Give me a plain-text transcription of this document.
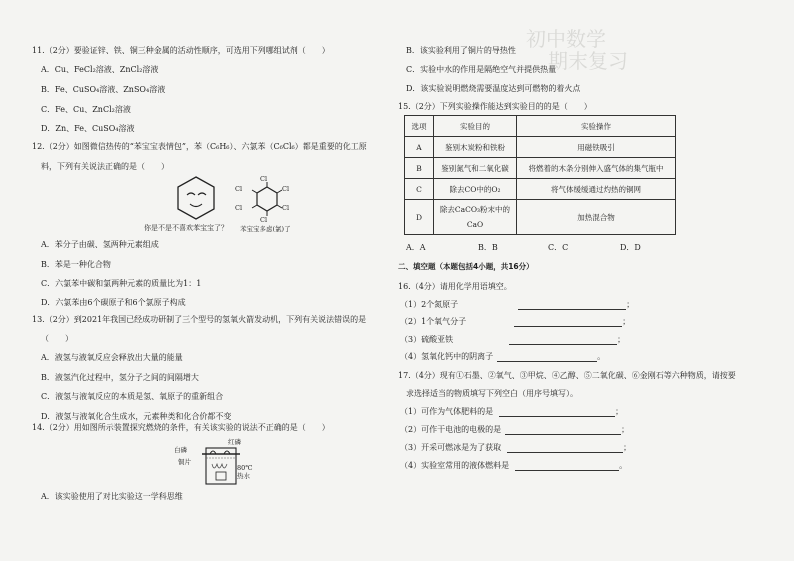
11.（2分）要验证锌、铁、铜三种金属的活动性顺序，可选用下列哪组试剂（　　）
A．Cu、FeCl₂溶液、ZnCl₂溶液
B．Fe、CuSO₄溶液、ZnSO₄溶液
C．Fe、Cu、ZnCl₂溶液
D．Zn、Fe、CuSO₄溶液
12.（2分）如图微信热传的“苯宝宝表情包”，苯（C₆H₆）、六氯苯（C₆Cl₆）都是重要的化工原
料，下列有关说法正确的是（　　）
Cl
Cl
Cl
Cl
Cl
Cl
你是不是不喜欢苯宝宝了？ 苯宝宝多虑(氯)了
A．苯分子由碳、氢两种元素组成
B．苯是一种化合物
C．六氯苯中碳和氯两种元素的质量比为1：1
D．六氯苯由6个碳原子和6个氯原子构成
13.（2分）到2021年我国已经成功研制了三个型号的氢氧火箭发动机，下列有关说法错误的是
（　　）
A．液氢与液氧反应会释放出大量的能量
B．液氢汽化过程中，氢分子之间的间隔增大
C．液氢与液氧反应的本质是氢、氧原子的重新组合
D．液氢与液氧化合生成水，元素种类和化合价都不变
14.（2分）用如图所示装置探究燃烧的条件，有关该实验的说法不正确的是（　　）
红磷
白磷
铜片
80℃
热水
A．该实验使用了对比实验这一学科思维
初中数学
期末复习
B．该实验利用了铜片的导热性
C．实验中水的作用是隔绝空气并提供热量
D．该实验说明燃烧需要温度达到可燃物的着火点
15.（2分）下列实验操作能达到实验目的的是（　　）
选项	实验目的	实验操作
A	鉴别木炭粉和铁粉	用磁铁吸引
B	鉴别氮气和二氧化碳	将燃着的木条分别伸入盛气体的集气瓶中
C	除去CO中的O₂	将气体缓缓通过灼热的铜网
D	除去CaCO₃粉末中的CaO	加热混合物
A．A	B．B	C．C	D．D
二、填空题（本题包括4小题，共16分）
16.（4分）请用化学用语填空。
（1）2个氮原子	；
（2）1个氧气分子	；
（3）硫酸亚铁	；
（4）氢氧化钙中的阴离子	。
17.（4分）现有①石墨、②氧气、③甲烷、④乙醇、⑤二氧化碳、⑥金刚石等六种物质，请按要
求选择适当的物质填写下列空白（用序号填写）。
（1）可作为气体肥料的是	；
（2）可作干电池的电极的是	；
（3）开采可燃冰是为了获取	；
（4）实验室常用的液体燃料是	。
